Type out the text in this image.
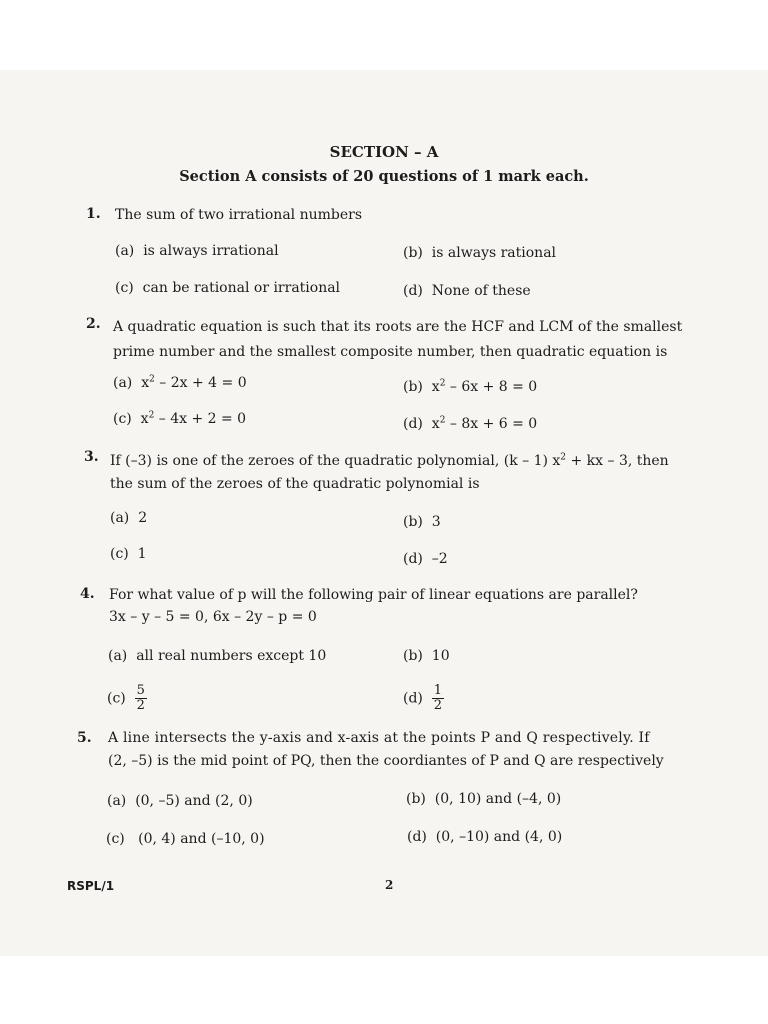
SECTION – A
Section A consists of 20 questions of 1 mark each.
1. The sum of two irrational numbers
(a) is always irrational	(b) is always rational
(c) can be rational or irrational	(d) None of these
2. A quadratic equation is such that its roots are the HCF and LCM of the smallest
prime number and the smallest composite number, then quadratic equation is
(a) $x^2 - 2x + 4 = 0$	(b) $x^2 - 6x + 8 = 0$
(c) $x^2 - 4x + 2 = 0$	(d) $x^2 - 8x + 6 = 0$
3. If (–3) is one of the zeroes of the quadratic polynomial, (k – 1) $x^2$ + kx – 3, then
the sum of the zeroes of the quadratic polynomial is
(a) 2	(b) 3
(c) 1	(d) –2
4. For what value of p will the following pair of linear equations are parallel?
3x – y – 5 = 0, 6x – 2y – p = 0
(a) all real numbers except 10	(b) 10
$(c) \frac{5}{2}$	$(d) \frac{1}{2}$
5. A line intersects the y-axis and x-axis at the points P and Q respectively. If
(2, –5) is the mid point of PQ, then the coordiantes of P and Q are respectively
(a) (0, –5) and (2, 0)	(b) (0, 10) and (–4, 0)
(c) (0, 4) and (–10, 0)	(d) (0, –10) and (4, 0)
RSPL/1	2
